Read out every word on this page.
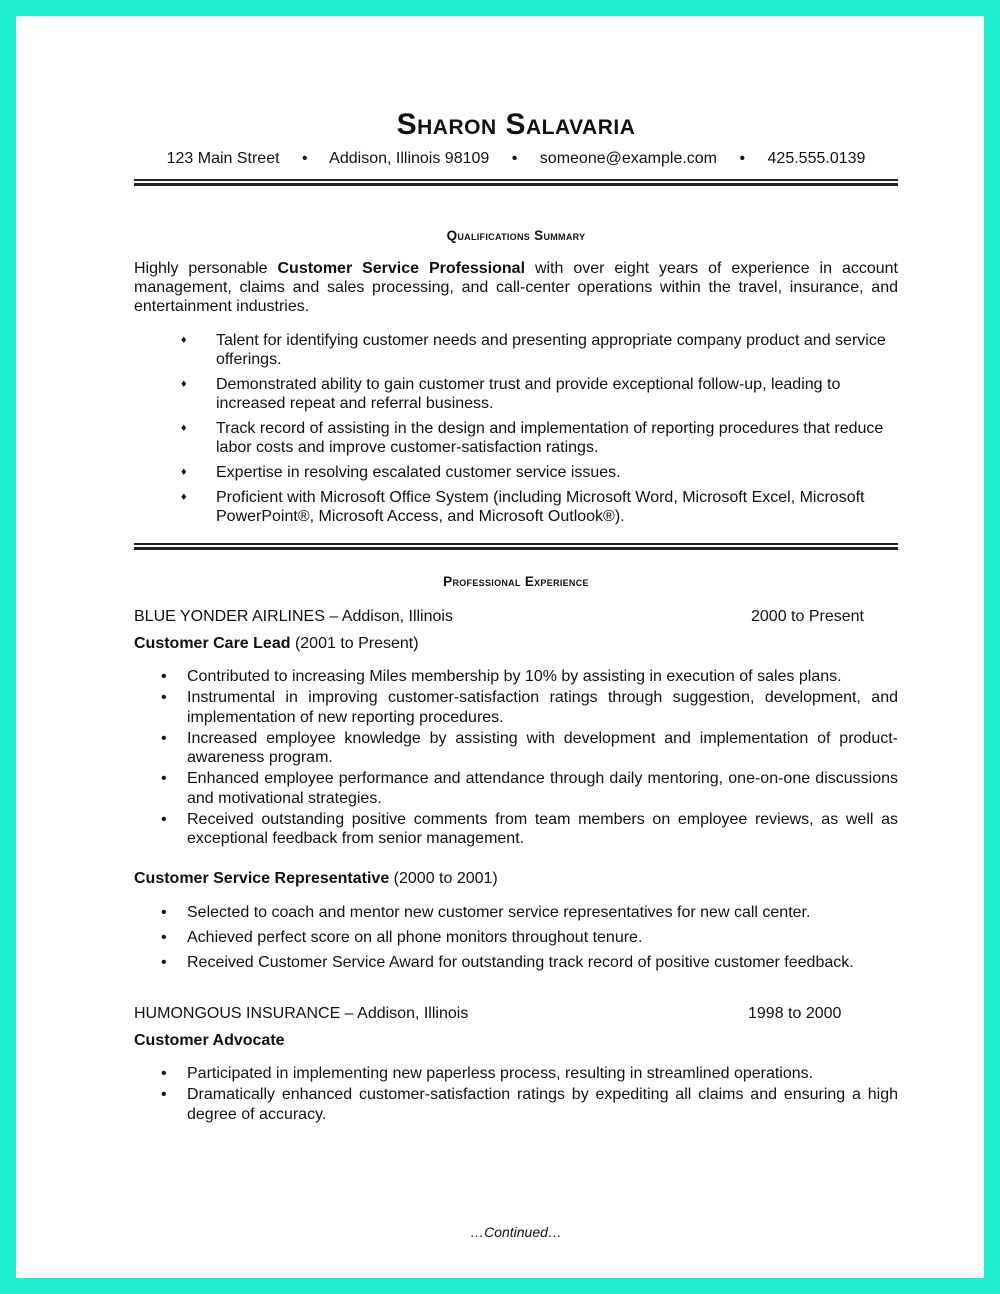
Sharon Salavaria
123 Main Street • Addison, Illinois 98109 • someone@example.com • 425.555.0139
Qualifications Summary
Highly personable Customer Service Professional with over eight years of experience in account management, claims and sales processing, and call-center operations within the travel, insurance, and entertainment industries.
♦ Talent for identifying customer needs and presenting appropriate company product and service offerings.
♦ Demonstrated ability to gain customer trust and provide exceptional follow-up, leading to increased repeat and referral business.
♦ Track record of assisting in the design and implementation of reporting procedures that reduce labor costs and improve customer-satisfaction ratings.
♦ Expertise in resolving escalated customer service issues.
♦ Proficient with Microsoft Office System (including Microsoft Word, Microsoft Excel, Microsoft PowerPoint®, Microsoft Access, and Microsoft Outlook®).
Professional Experience
BLUE YONDER AIRLINES – Addison, Illinois	2000 to Present
Customer Care Lead (2001 to Present)
• Contributed to increasing Miles membership by 10% by assisting in execution of sales plans.
• Instrumental in improving customer-satisfaction ratings through suggestion, development, and implementation of new reporting procedures.
• Increased employee knowledge by assisting with development and implementation of product-awareness program.
• Enhanced employee performance and attendance through daily mentoring, one-on-one discussions and motivational strategies.
• Received outstanding positive comments from team members on employee reviews, as well as exceptional feedback from senior management.
Customer Service Representative (2000 to 2001)
• Selected to coach and mentor new customer service representatives for new call center.
• Achieved perfect score on all phone monitors throughout tenure.
• Received Customer Service Award for outstanding track record of positive customer feedback.
HUMONGOUS INSURANCE – Addison, Illinois	1998 to 2000
Customer Advocate
• Participated in implementing new paperless process, resulting in streamlined operations.
• Dramatically enhanced customer-satisfaction ratings by expediting all claims and ensuring a high degree of accuracy.
…Continued…
